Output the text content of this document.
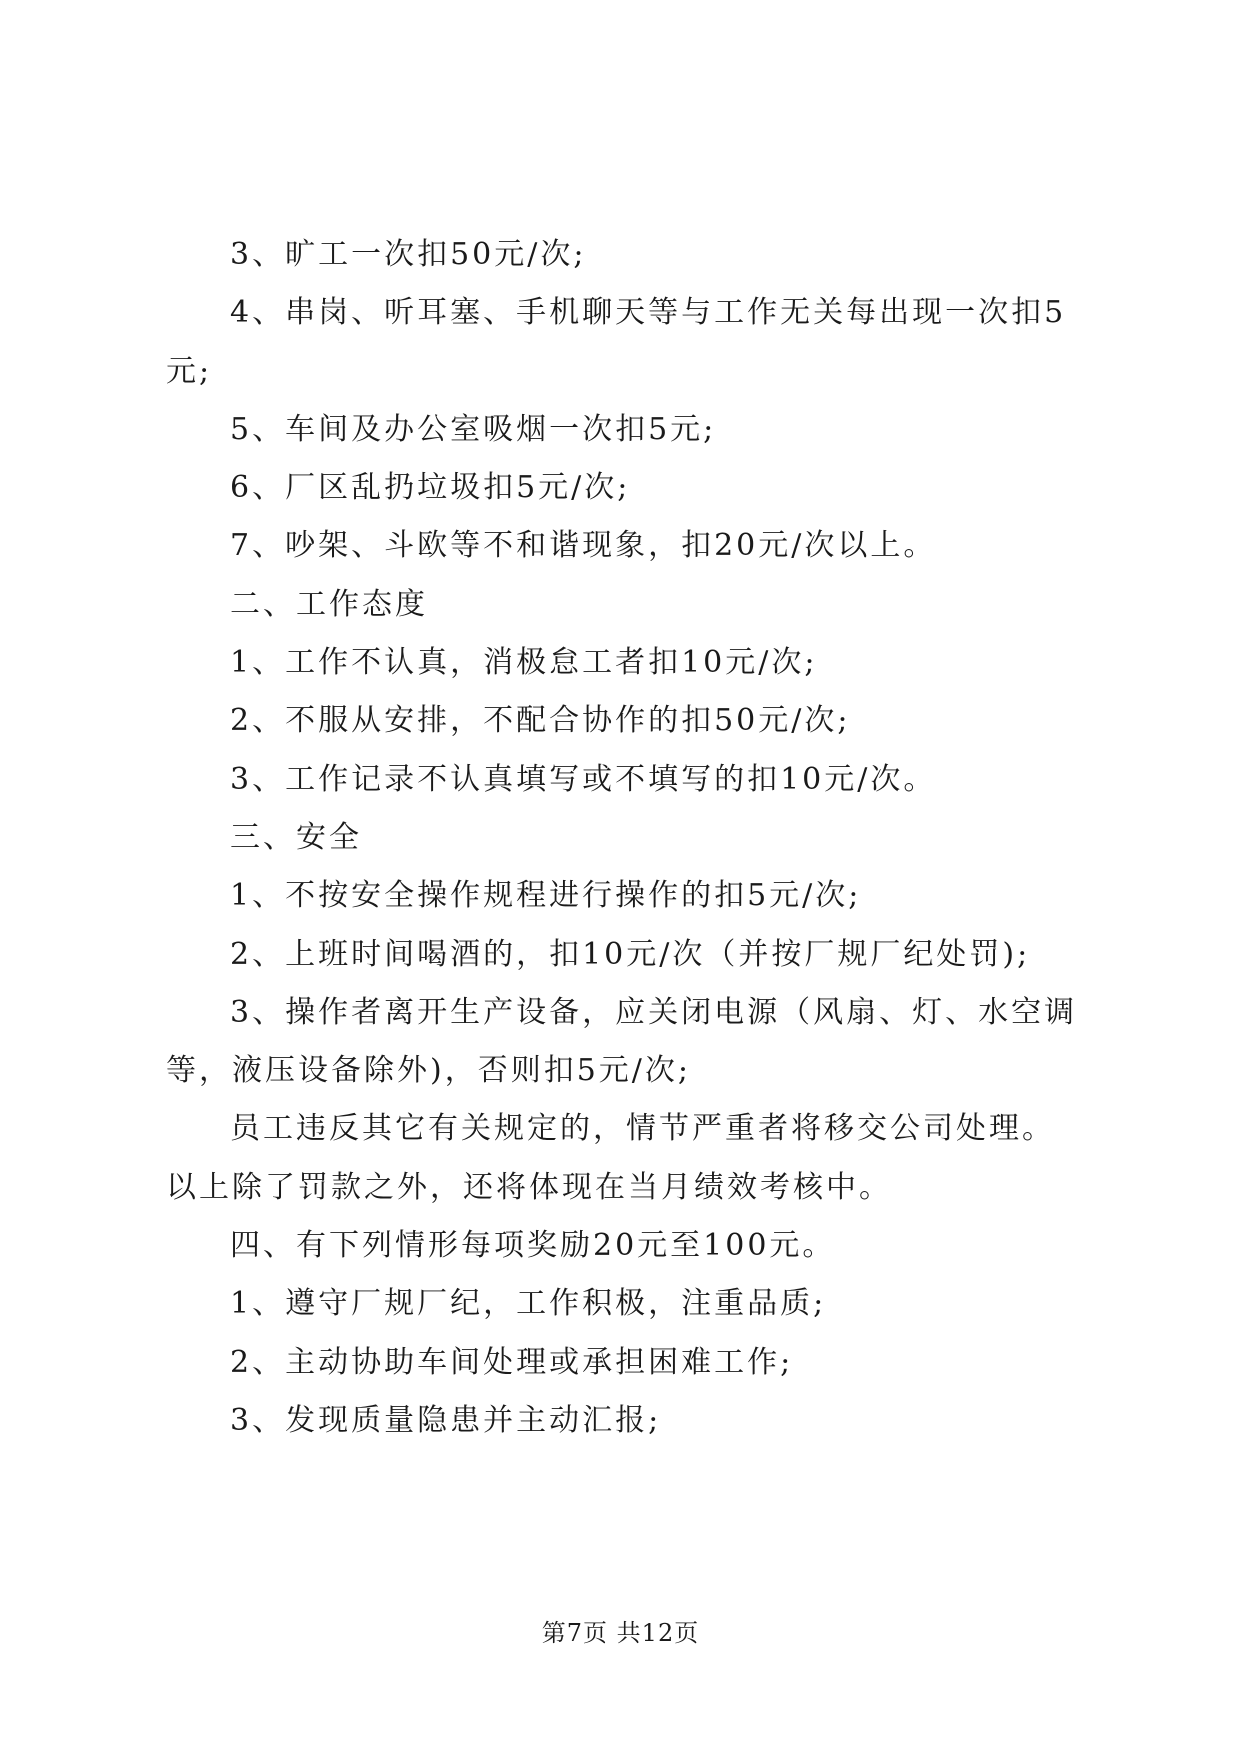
3、旷工一次扣50元/次;

4、串岗、听耳塞、手机聊天等与工作无关每出现一次扣5元;

5、车间及办公室吸烟一次扣5元;

6、厂区乱扔垃圾扣5元/次;

7、吵架、斗欧等不和谐现象，扣20元/次以上。

二、工作态度

1、工作不认真，消极怠工者扣10元/次;

2、不服从安排，不配合协作的扣50元/次;

3、工作记录不认真填写或不填写的扣10元/次。

三、安全

1、不按安全操作规程进行操作的扣5元/次;

2、上班时间喝酒的，扣10元/次（并按厂规厂纪处罚);

3、操作者离开生产设备，应关闭电源（风扇、灯、水空调等，液压设备除外)，否则扣5元/次;

员工违反其它有关规定的，情节严重者将移交公司处理。以上除了罚款之外，还将体现在当月绩效考核中。

四、有下列情形每项奖励20元至100元。

1、遵守厂规厂纪，工作积极，注重品质;

2、主动协助车间处理或承担困难工作;

3、发现质量隐患并主动汇报;

第7页 共12页
